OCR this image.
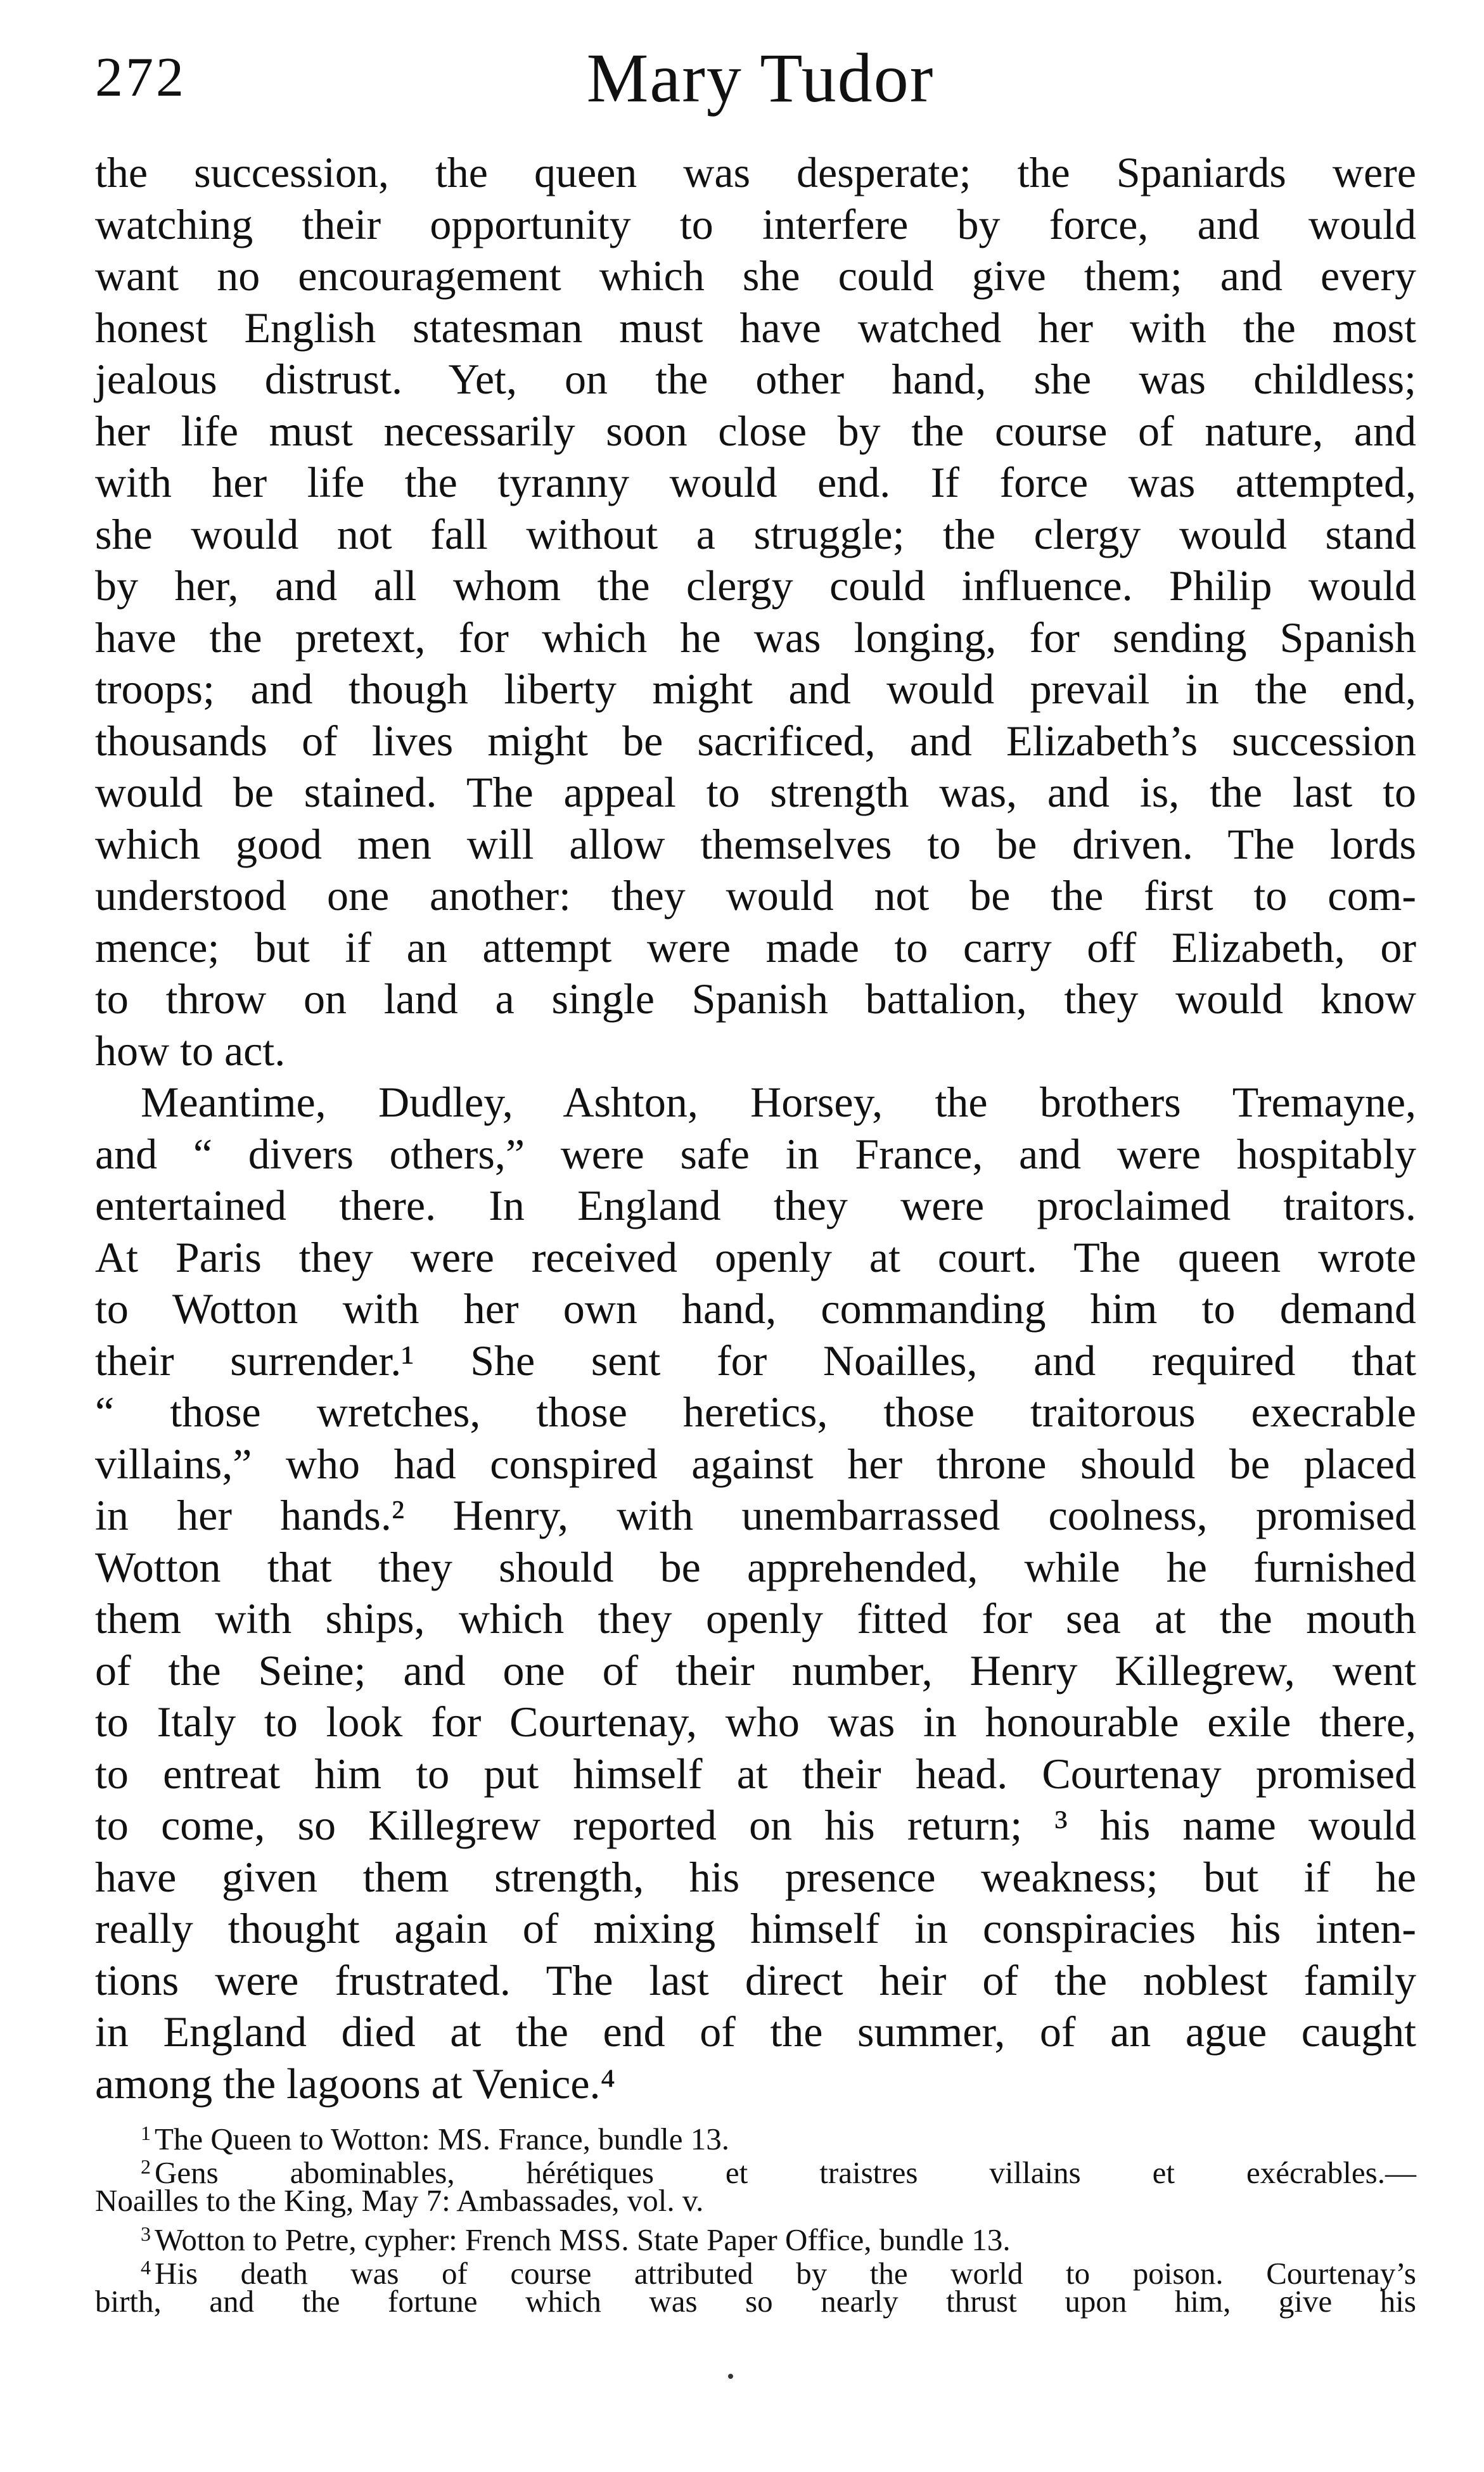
272	Mary Tudor
the succession, the queen was desperate; the Spaniards were
watching their opportunity to interfere by force, and would
want no encouragement which she could give them; and every
honest English statesman must have watched her with the most
jealous distrust. Yet, on the other hand, she was childless;
her life must necessarily soon close by the course of nature, and
with her life the tyranny would end. If force was attempted,
she would not fall without a struggle; the clergy would stand
by her, and all whom the clergy could influence. Philip would
have the pretext, for which he was longing, for sending Spanish
troops; and though liberty might and would prevail in the end,
thousands of lives might be sacrificed, and Elizabeth’s succession
would be stained. The appeal to strength was, and is, the last to
which good men will allow themselves to be driven. The lords
understood one another: they would not be the first to com-
mence; but if an attempt were made to carry off Elizabeth, or
to throw on land a single Spanish battalion, they would know
how to act.
Meantime, Dudley, Ashton, Horsey, the brothers Tremayne,
and “ divers others,” were safe in France, and were hospitably
entertained there. In England they were proclaimed traitors.
At Paris they were received openly at court. The queen wrote
to Wotton with her own hand, commanding him to demand
their surrender.¹ She sent for Noailles, and required that
“ those wretches, those heretics, those traitorous execrable
villains,” who had conspired against her throne should be placed
in her hands.² Henry, with unembarrassed coolness, promised
Wotton that they should be apprehended, while he furnished
them with ships, which they openly fitted for sea at the mouth
of the Seine; and one of their number, Henry Killegrew, went
to Italy to look for Courtenay, who was in honourable exile there,
to entreat him to put himself at their head. Courtenay promised
to come, so Killegrew reported on his return; ³ his name would
have given them strength, his presence weakness; but if he
really thought again of mixing himself in conspiracies his inten-
tions were frustrated. The last direct heir of the noblest family
in England died at the end of the summer, of an ague caught
among the lagoons at Venice.⁴
$^1$ The Queen to Wotton: MS. France, bundle 13.
$^2$ Gens abominables, hérétiques et traistres villains et exécrables.—
Noailles to the King, May 7: Ambassades, vol. v.
$^3$ Wotton to Petre, cypher: French MSS. State Paper Office, bundle 13.
$^4$ His death was of course attributed by the world to poison. Courtenay’s
birth, and the fortune which was so nearly thrust upon him, give his
